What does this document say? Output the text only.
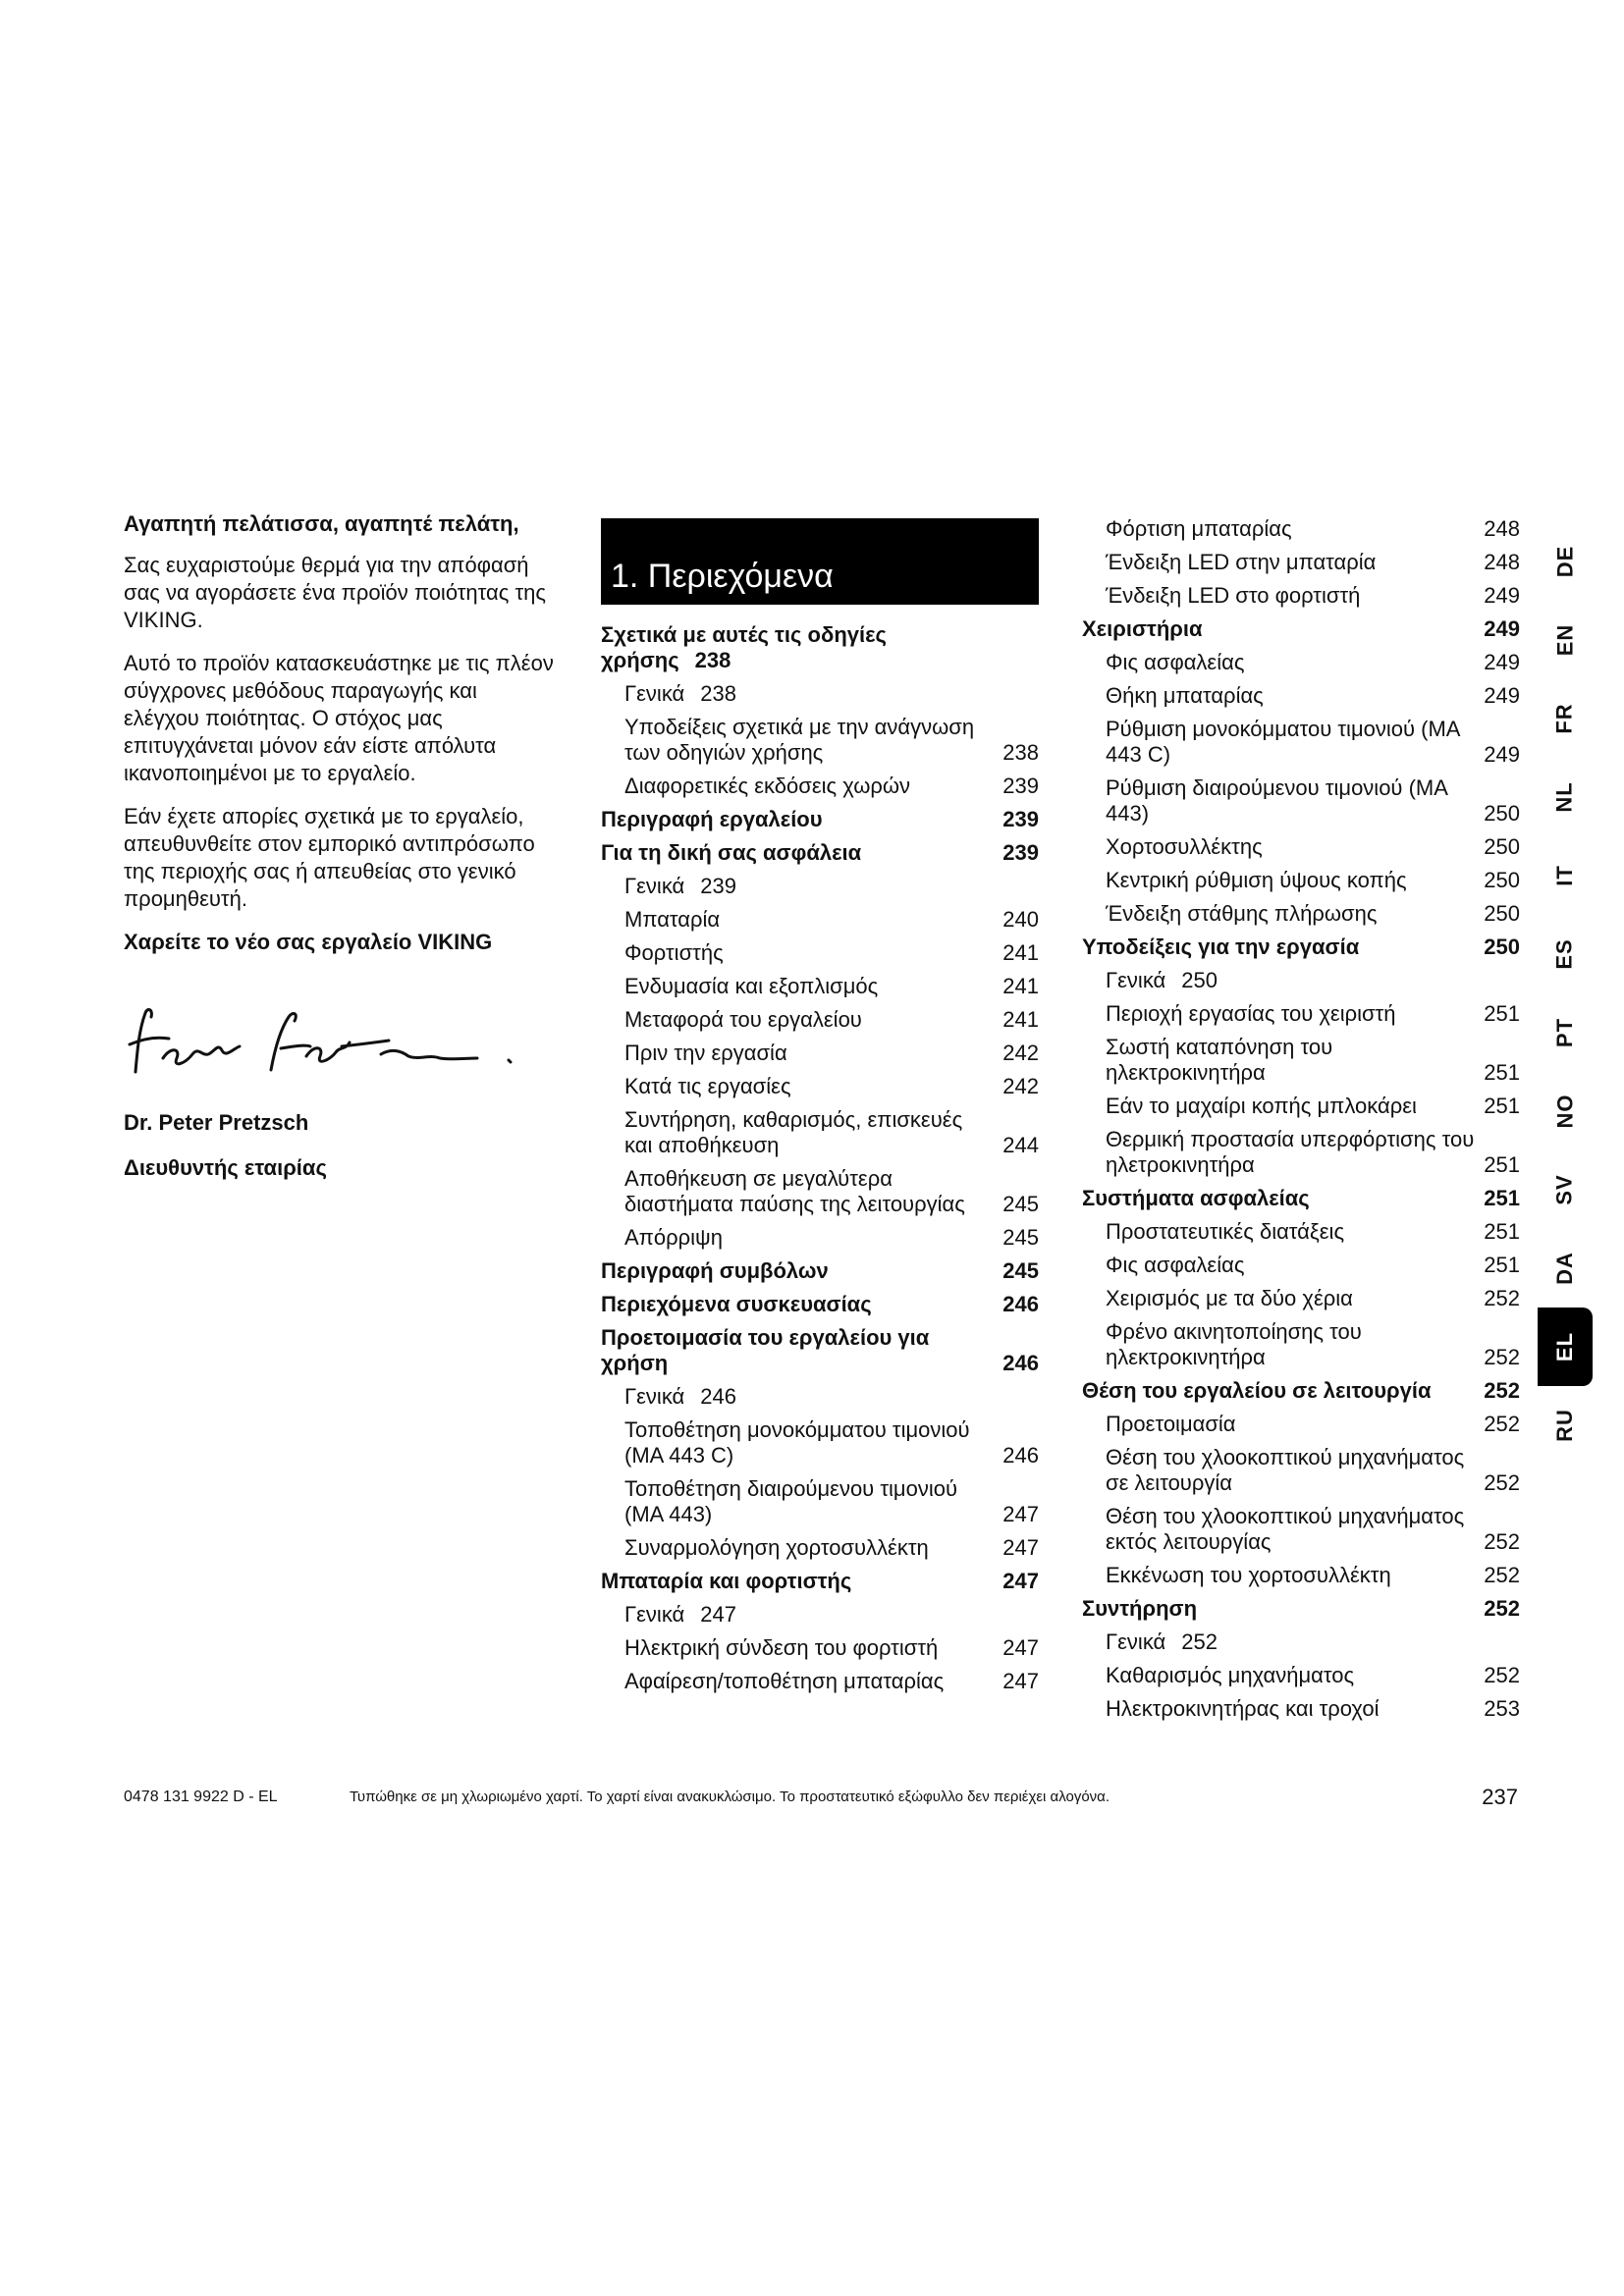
Αγαπητή πελάτισσα, αγαπητέ πελάτη,

Σας ευχαριστούμε θερμά για την απόφασή σας να αγοράσετε ένα προϊόν ποιότητας της VIKING.

Αυτό το προϊόν κατασκευάστηκε με τις πλέον σύγχρονες μεθόδους παραγωγής και ελέγχου ποιότητας. Ο στόχος μας επιτυγχάνεται μόνον εάν είστε απόλυτα ικανοποιημένοι με το εργαλείο.

Εάν έχετε απορίες σχετικά με το εργαλείο, απευθυνθείτε στον εμπορικό αντιπρόσωπο της περιοχής σας ή απευθείας στο γενικό προμηθευτή.

Χαρείτε το νέο σας εργαλείο VIKING

Dr. Peter Pretzsch

Διευθυντής εταιρίας

1. Περιεχόμενα
Σχετικά με αυτές τις οδηγίες χρήσης 238
Γενικά 238
Υποδείξεις σχετικά με την ανάγνωση των οδηγιών χρήσης	238
Διαφορετικές εκδόσεις χωρών	239
Περιγραφή εργαλείου	239
Για τη δική σας ασφάλεια	239
Γενικά 239
Μπαταρία	240
Φορτιστής	241
Ενδυμασία και εξοπλισμός	241
Μεταφορά του εργαλείου	241
Πριν την εργασία	242
Κατά τις εργασίες	242
Συντήρηση, καθαρισμός, επισκευές και αποθήκευση	244
Αποθήκευση σε μεγαλύτερα διαστήματα παύσης της λειτουργίας	245
Απόρριψη	245
Περιγραφή συμβόλων	245
Περιεχόμενα συσκευασίας	246
Προετοιμασία του εργαλείου για χρήση	246
Γενικά 246
Τοποθέτηση μονοκόμματου τιμονιού (MA 443 C)	246
Τοποθέτηση διαιρούμενου τιμονιού (MA 443)	247
Συναρμολόγηση χορτοσυλλέκτη	247
Μπαταρία και φορτιστής	247
Γενικά 247
Ηλεκτρική σύνδεση του φορτιστή	247
Αφαίρεση/τοποθέτηση μπαταρίας	247
Φόρτιση μπαταρίας	248
Ένδειξη LED στην μπαταρία	248
Ένδειξη LED στο φορτιστή	249
Χειριστήρια	249
Φις ασφαλείας	249
Θήκη μπαταρίας	249
Ρύθμιση μονοκόμματου τιμονιού (MA 443 C)	249
Ρύθμιση διαιρούμενου τιμονιού (MA 443)	250
Χορτοσυλλέκτης	250
Κεντρική ρύθμιση ύψους κοπής	250
Ένδειξη στάθμης πλήρωσης	250
Υποδείξεις για την εργασία	250
Γενικά 250
Περιοχή εργασίας του χειριστή	251
Σωστή καταπόνηση του ηλεκτροκινητήρα	251
Εάν το μαχαίρι κοπής μπλοκάρει	251
Θερμική προστασία υπερφόρτισης του ηλετροκινητήρα	251
Συστήματα ασφαλείας	251
Προστατευτικές διατάξεις	251
Φις ασφαλείας	251
Χειρισμός με τα δύο χέρια	252
Φρένο ακινητοποίησης του ηλεκτροκινητήρα	252
Θέση του εργαλείου σε λειτουργία	252
Προετοιμασία	252
Θέση του χλοοκοπτικού μηχανήματος σε λειτουργία	252
Θέση του χλοοκοπτικού μηχανήματος εκτός λειτουργίας	252
Εκκένωση του χορτοσυλλέκτη	252
Συντήρηση	252
Γενικά 252
Καθαρισμός μηχανήματος	252
Ηλεκτροκινητήρας και τροχοί	253
DE
EN
FR
NL
IT
ES
PT
NO
SV
DA
EL
RU
0478 131 9922 D - EL	Τυπώθηκε σε μη χλωριωμένο χαρτί. Το χαρτί είναι ανακυκλώσιμο. Το προστατευτικό εξώφυλλο δεν περιέχει αλογόνα.	237
